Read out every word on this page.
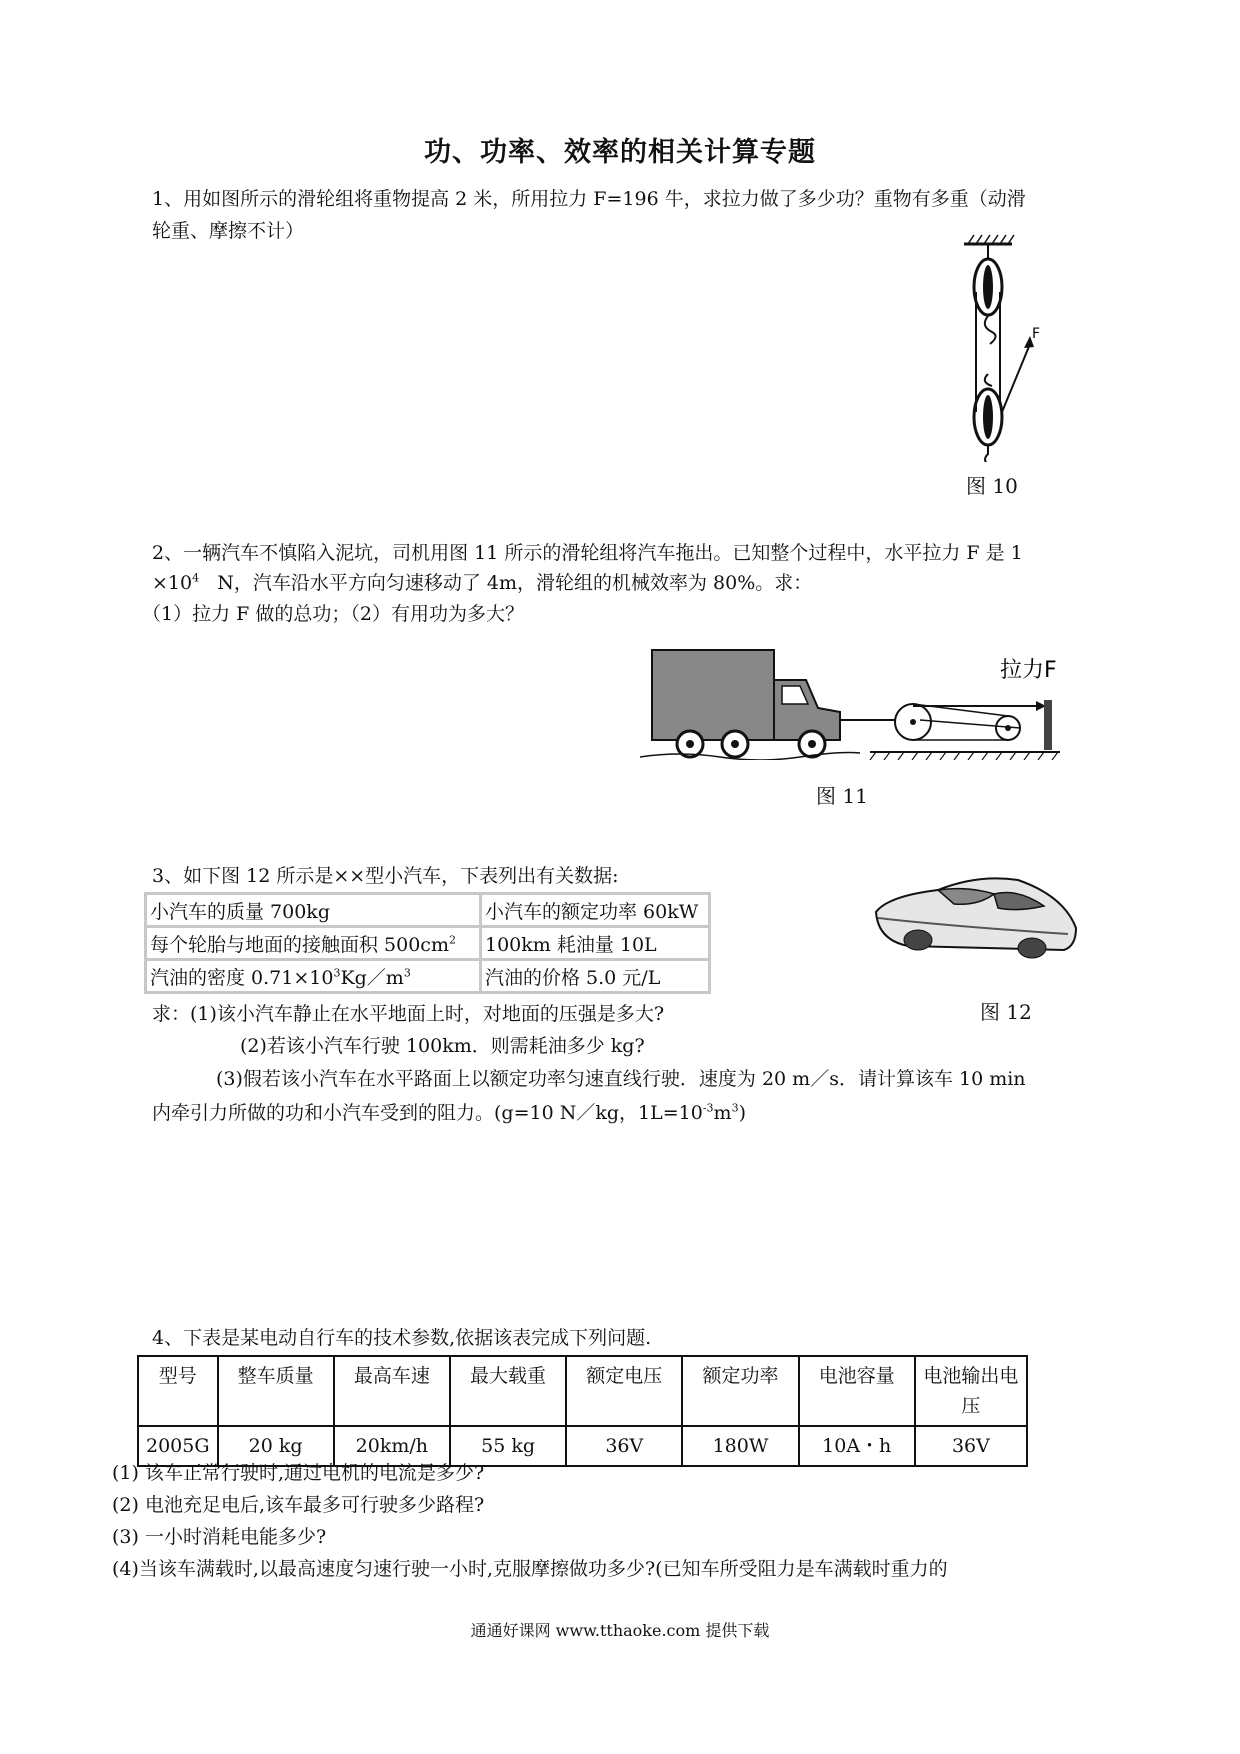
功、功率、效率的相关计算专题
1、用如图所示的滑轮组将重物提高 2 米，所用拉力 F=196 牛，求拉力做了多少功？重物有多重（动滑
轮重、摩擦不计）
F
图 10
2、一辆汽车不慎陷入泥坑，司机用图 11 所示的滑轮组将汽车拖出。已知整个过程中，水平拉力 F 是 1
$\times 10^4$   N，汽车沿水平方向匀速移动了 4m，滑轮组的机械效率为 80%。求：
（1）拉力 F 做的总功；（2）有用功为多大？
拉力F
图 11
3、如下图 12 所示是××型小汽车，下表列出有关数据:
小汽车的质量 700kg	小汽车的额定功率 60kW
每个轮胎与地面的接触面积 $500cm^2$	100km 耗油量 10L
汽油的密度 $0.71\times 10^3Kg/m^3$	汽油的价格 5.0 元/L
图 12
求：(1)该小汽车静止在水平地面上时，对地面的压强是多大?
(2)若该小汽车行驶 100km．则需耗油多少 kg?
(3)假若该小汽车在水平路面上以额定功率匀速直线行驶．速度为 20 m／s．请计算该车 10 min
内牵引力所做的功和小汽车受到的阻力。(g=10 N／kg，$1L=10^{-3}m^3$)
4、下表是某电动自行车的技术参数,依据该表完成下列问题.
型号	整车质量	最高车速	最大载重	额定电压	额定功率	电池容量	电池输出电压
2005G	20 kg	20km/h	55 kg	36V	180W	10A・h	36V
(1) 该车正常行驶时,通过电机的电流是多少?
(2) 电池充足电后,该车最多可行驶多少路程?
(3) 一小时消耗电能多少?
(4)当该车满载时,以最高速度匀速行驶一小时,克服摩擦做功多少?(已知车所受阻力是车满载时重力的
通通好课网 www.tthaoke.com 提供下载
